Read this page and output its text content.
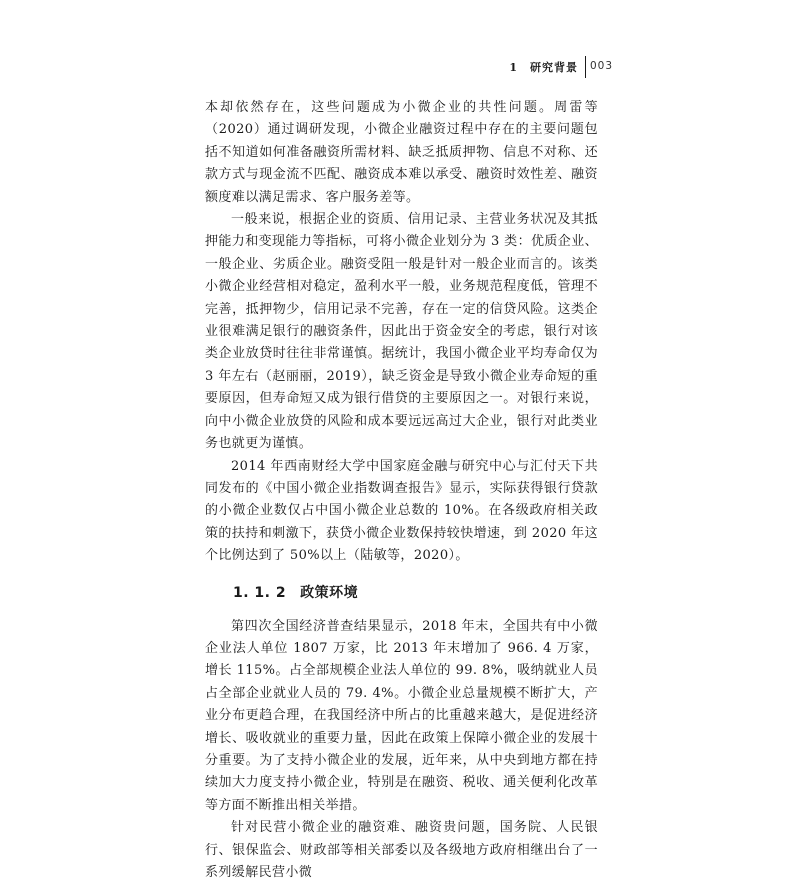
1　研究背景 003

本却依然存在，这些问题成为小微企业的共性问题。周雷等（2020）通过调研发现，小微企业融资过程中存在的主要问题包括不知道如何准备融资所需材料、缺乏抵质押物、信息不对称、还款方式与现金流不匹配、融资成本难以承受、融资时效性差、融资额度难以满足需求、客户服务差等。

一般来说，根据企业的资质、信用记录、主营业务状况及其抵押能力和变现能力等指标，可将小微企业划分为 3 类：优质企业、一般企业、劣质企业。融资受阻一般是针对一般企业而言的。该类小微企业经营相对稳定，盈利水平一般，业务规范程度低，管理不完善，抵押物少，信用记录不完善，存在一定的信贷风险。这类企业很难满足银行的融资条件，因此出于资金安全的考虑，银行对该类企业放贷时往往非常谨慎。据统计，我国小微企业平均寿命仅为 3 年左右（赵丽丽，2019），缺乏资金是导致小微企业寿命短的重要原因，但寿命短又成为银行借贷的主要原因之一。对银行来说，向中小微企业放贷的风险和成本要远远高过大企业，银行对此类业务也就更为谨慎。

2014 年西南财经大学中国家庭金融与研究中心与汇付天下共同发布的《中国小微企业指数调查报告》显示，实际获得银行贷款的小微企业数仅占中国小微企业总数的 10%。在各级政府相关政策的扶持和刺激下，获贷小微企业数保持较快增速，到 2020 年这个比例达到了 50%以上（陆敏等，2020）。

1. 1. 2 政策环境

第四次全国经济普查结果显示，2018 年末，全国共有中小微企业法人单位 1807 万家，比 2013 年末增加了 966. 4 万家，增长 115%。占全部规模企业法人单位的 99. 8%，吸纳就业人员占全部企业就业人员的 79. 4%。小微企业总量规模不断扩大，产业分布更趋合理，在我国经济中所占的比重越来越大，是促进经济增长、吸收就业的重要力量，因此在政策上保障小微企业的发展十分重要。为了支持小微企业的发展，近年来，从中央到地方都在持续加大力度支持小微企业，特别是在融资、税收、通关便利化改革等方面不断推出相关举措。

针对民营小微企业的融资难、融资贵问题，国务院、人民银行、银保监会、财政部等相关部委以及各级地方政府相继出台了一系列缓解民营小微
